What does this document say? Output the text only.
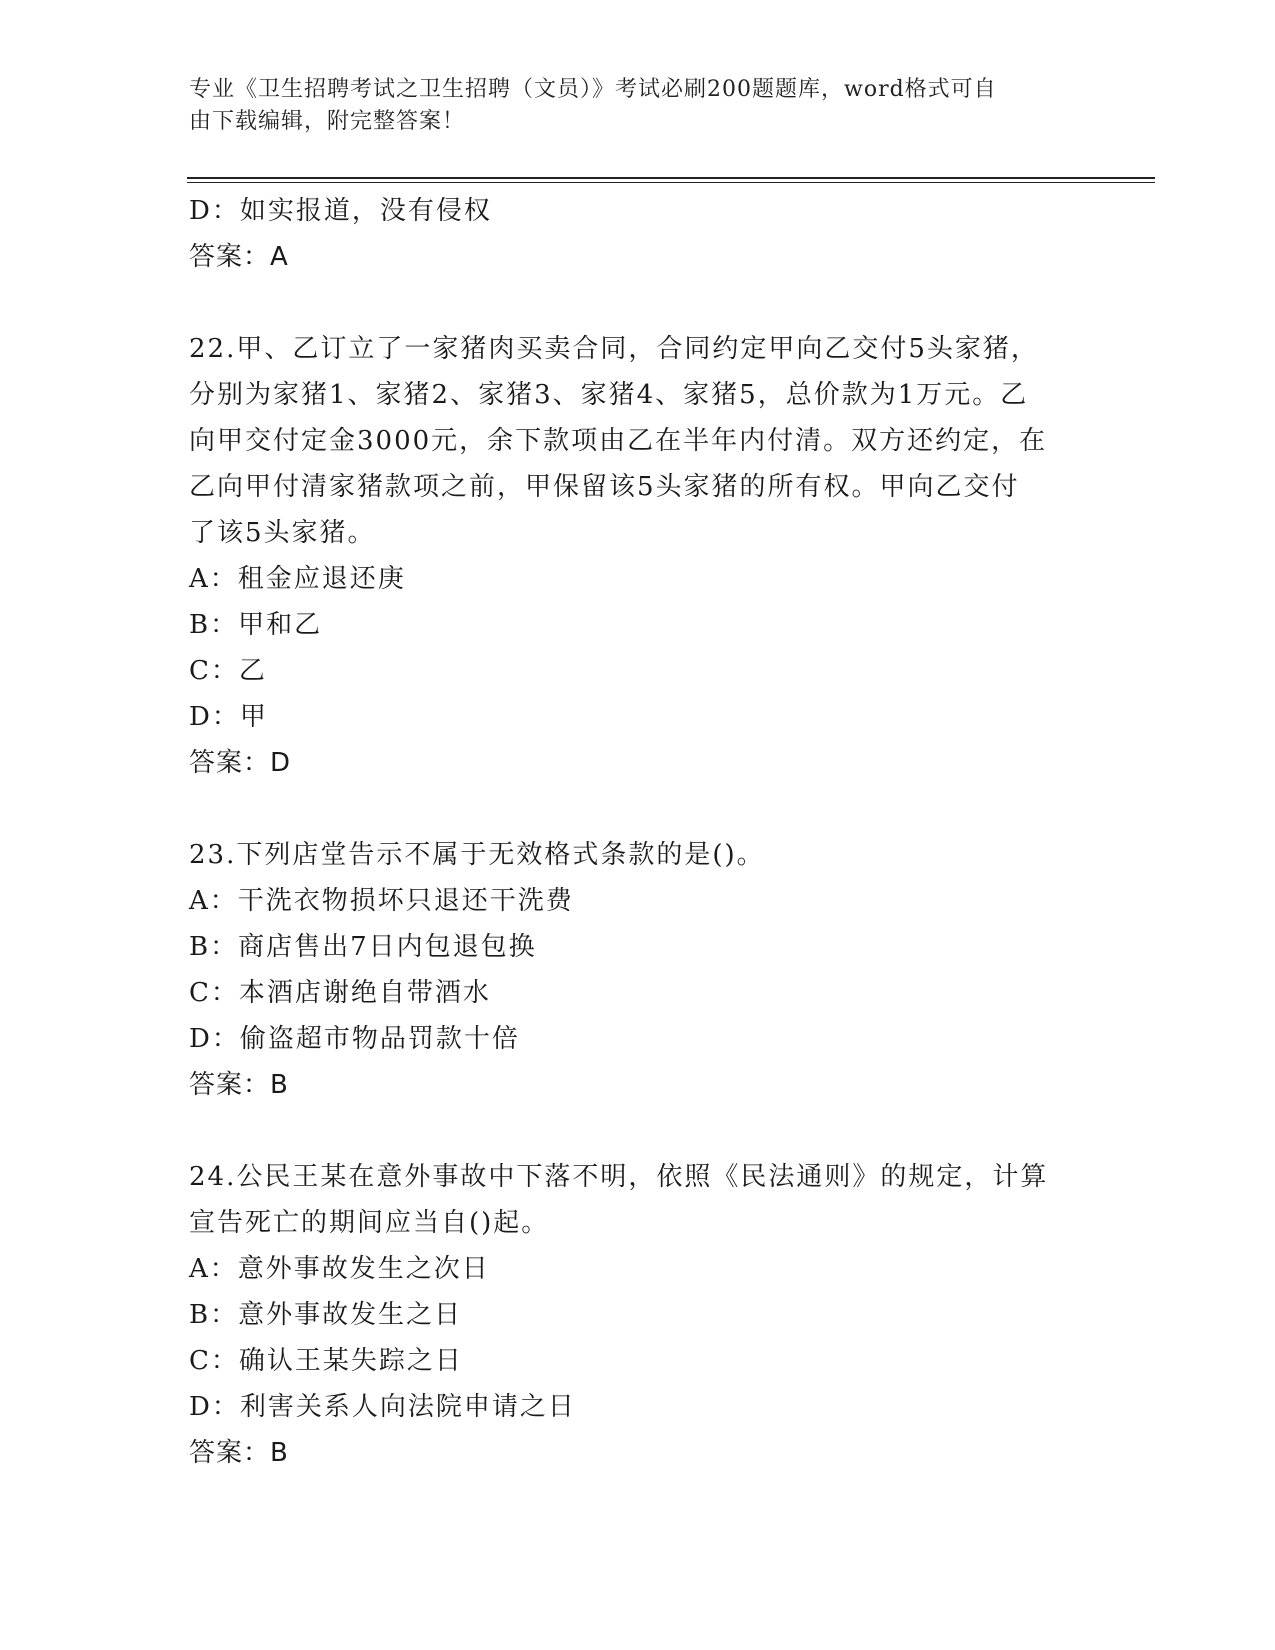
专业《卫生招聘考试之卫生招聘（文员）》考试必刷200题题库，word格式可自
由下载编辑，附完整答案！
D：如实报道，没有侵权
答案：A
22.甲、乙订立了一家猪肉买卖合同，合同约定甲向乙交付5头家猪，
分别为家猪1、家猪2、家猪3、家猪4、家猪5，总价款为1万元。乙
向甲交付定金3000元，余下款项由乙在半年内付清。双方还约定，在
乙向甲付清家猪款项之前，甲保留该5头家猪的所有权。甲向乙交付
了该5头家猪。
A：租金应退还庚
B：甲和乙
C：乙
D：甲
答案：D
23.下列店堂告示不属于无效格式条款的是()。
A：干洗衣物损坏只退还干洗费
B：商店售出7日内包退包换
C：本酒店谢绝自带酒水
D：偷盗超市物品罚款十倍
答案：B
24.公民王某在意外事故中下落不明，依照《民法通则》的规定，计算
宣告死亡的期间应当自()起。
A：意外事故发生之次日
B：意外事故发生之日
C：确认王某失踪之日
D：利害关系人向法院申请之日
答案：B
